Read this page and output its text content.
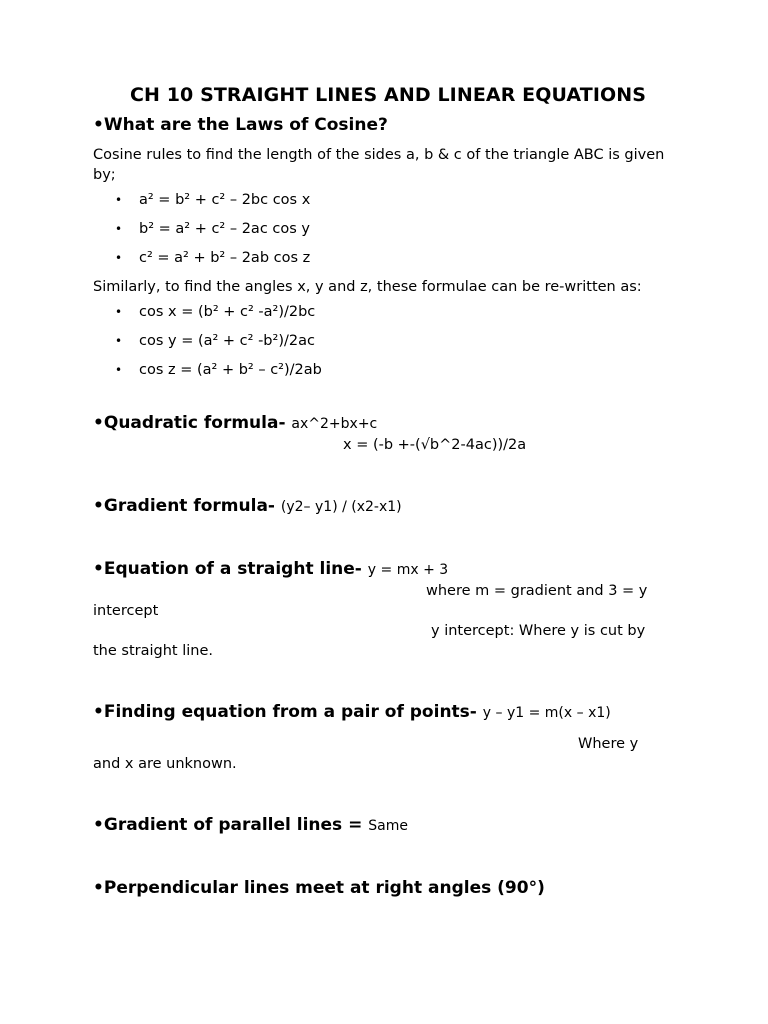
CH 10 STRAIGHT LINES AND LINEAR EQUATIONS
•What are the Laws of Cosine?
Cosine rules to find the length of the sides a, b & c of the triangle ABC is given by;
• a² = b² + c² – 2bc cos x
• b² = a² + c² – 2ac cos y
• c² = a² + b² – 2ab cos z
Similarly, to find the angles x, y and z, these formulae can be re-written as:
• cos x = (b² + c² -a²)/2bc
• cos y = (a² + c² -b²)/2ac
• cos z = (a² + b² – c²)/2ab
•Quadratic formula- ax^2+bx+c
x = (-b +-(√b^2-4ac))/2a
•Gradient formula- (y2– y1) / (x2-x1)
•Equation of a straight line- y = mx + 3
where m = gradient and 3 = y
intercept
y intercept: Where y is cut by
the straight line.
•Finding equation from a pair of points- y – y1 = m(x – x1)
Where y
and x are unknown.
•Gradient of parallel lines = Same
•Perpendicular lines meet at right angles (90°)
